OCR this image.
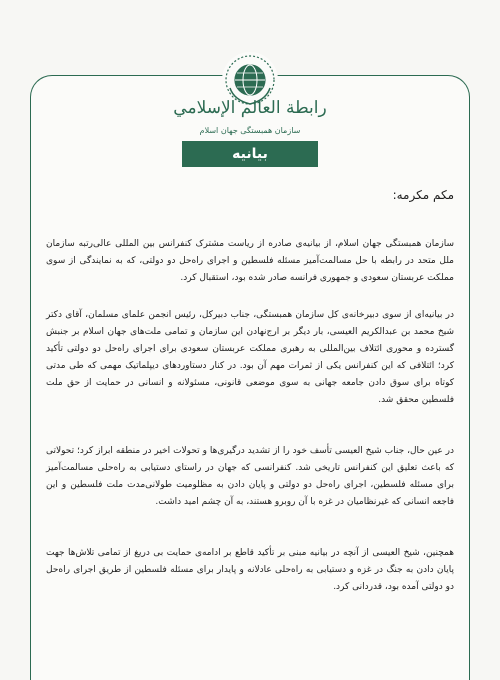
رابطة العالم الإسلامي
سازمان همبستگی جهان اسلام
بیانیه
مکم مکرمه:

سازمان همبستگی جهان اسلام، از بیانیه‌ی صادره از ریاست مشترک کنفرانس بین المللی عالی‌رتبه سازمان ملل متحد در رابطه با حل مسالمت‌آمیز مسئله فلسطین و اجرای راه‌حل دو دولتی، که به نمایندگی از سوی مملکت عربستان سعودی و جمهوری فرانسه صادر شده بود، استقبال کرد.

در بیانیه‌ای از سوی دبیرخانه‌ی کل سازمان همبستگی، جناب دبیرکل، رئیس انجمن علمای مسلمان، آقای دکتر شیخ محمد بن عبدالکریم العیسی، بار دیگر بر ارج‌نهادن این سازمان و تمامی ملت‌های جهان اسلام بر جنبش گسترده و محوری ائتلاف بین‌المللی به رهبری مملکت عربستان سعودی برای اجرای راه‌حل دو دولتی تأکید کرد؛ ائتلافی که این کنفرانس یکی از ثمرات مهم آن بود. در کنار دستاوردهای دیپلماتیک مهمی که طی مدتی کوتاه برای سوق دادن جامعه جهانی به سوی موضعی قانونی، مسئولانه و انسانی در حمایت از حق ملت فلسطین محقق شد.

در عین حال، جناب شیخ العیسی تأسف خود را از تشدید درگیری‌ها و تحولات اخیر در منطقه ابراز کرد؛ تحولاتی که باعث تعلیق این کنفرانس تاریخی شد. کنفرانسی که جهان در راستای دستیابی به راه‌حلی مسالمت‌آمیز برای مسئله فلسطین، اجرای راه‌حل دو دولتی و پایان دادن به مظلومیت طولانی‌مدت ملت فلسطین و این فاجعه انسانی که غیرنظامیان در غزه با آن روبرو هستند، به آن چشم امید داشت.

همچنین، شیخ العیسی از آنچه در بیانیه مبنی بر تأکید قاطع بر ادامه‌ی حمایت بی دریغ از تمامی تلاش‌ها جهت پایان دادن به جنگ در غزه و دستیابی به راه‌حلی عادلانه و پایدار برای مسئله فلسطین از طریق اجرای راه‌حل دو دولتی آمده بود، قدردانی کرد.
